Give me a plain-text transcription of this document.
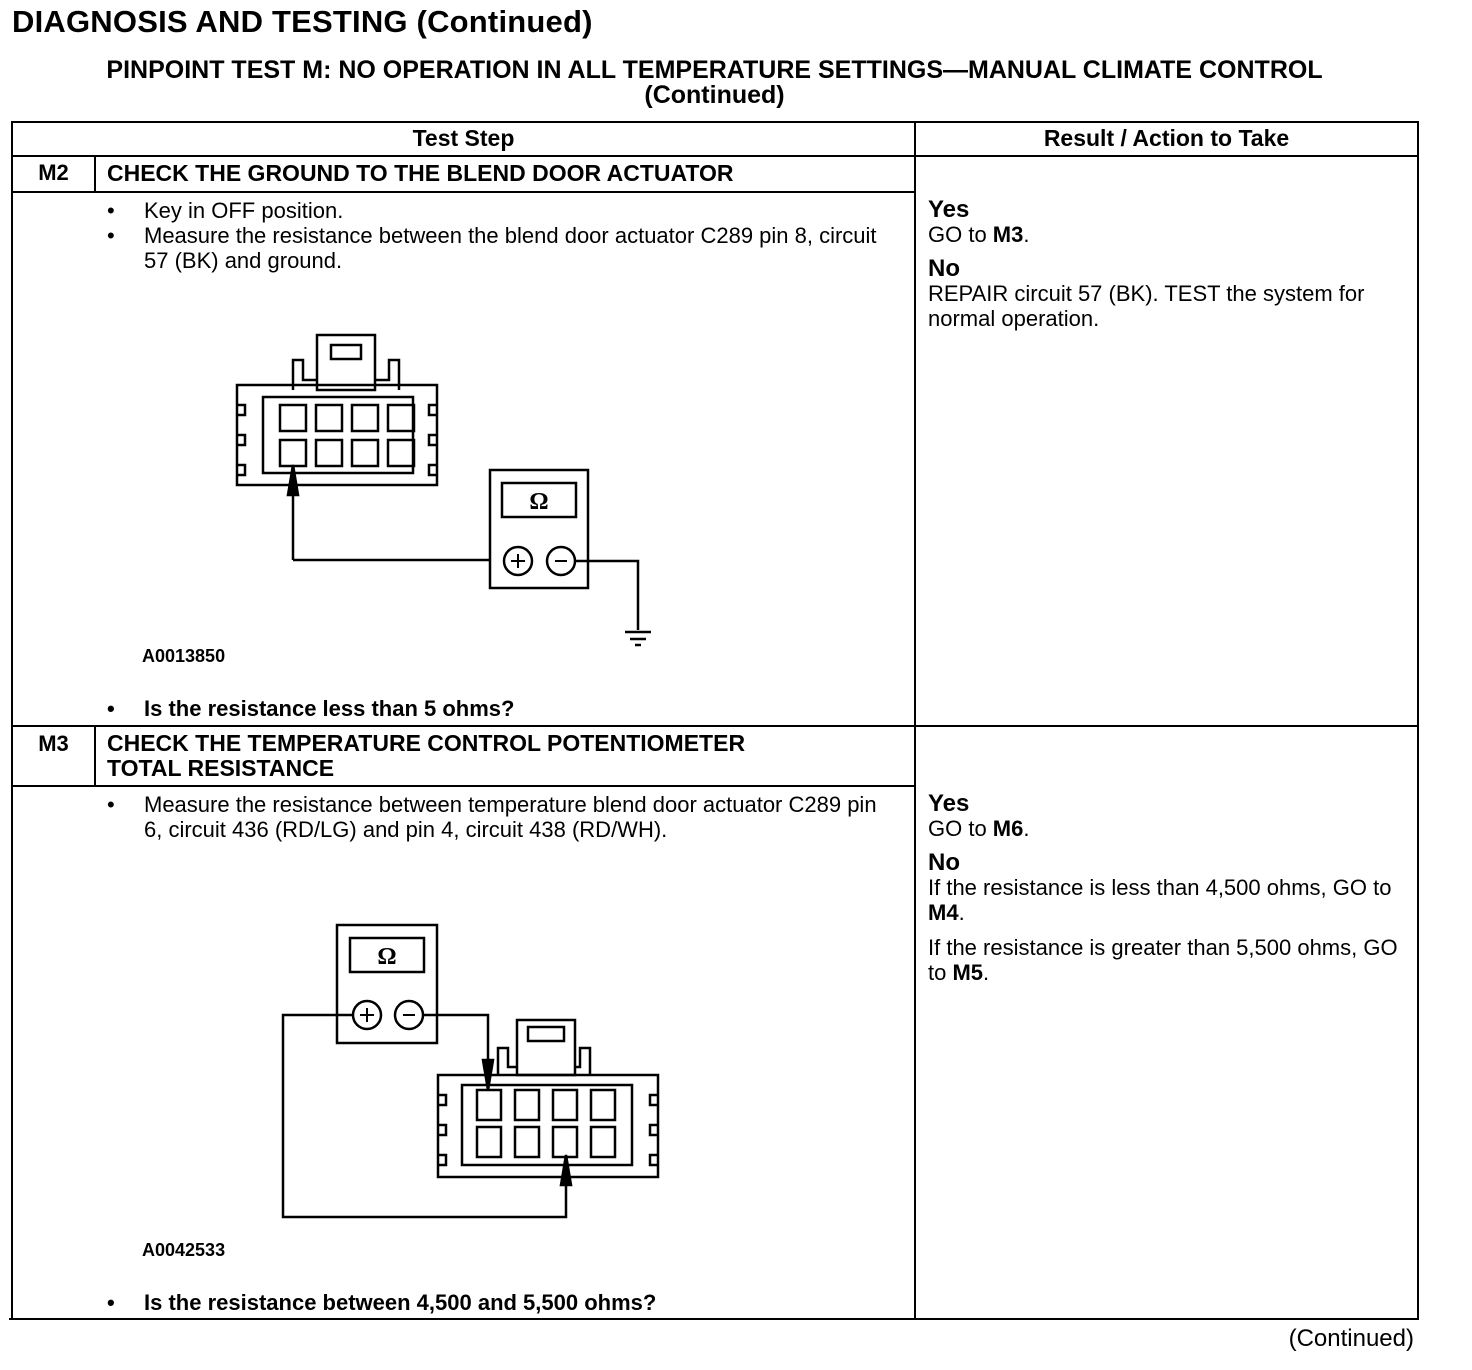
DIAGNOSIS AND TESTING (Continued)
PINPOINT TEST M: NO OPERATION IN ALL TEMPERATURE SETTINGS—MANUAL CLIMATE CONTROL
(Continued)
Test Step	Result / Action to Take
M2	CHECK THE GROUND TO THE BLEND DOOR ACTUATOR
•	Key in OFF position.
•	Measure the resistance between the blend door actuator C289 pin 8, circuit 57 (BK) and ground.
Ω
A0013850
• Is the resistance less than 5 ohms?
Yes
GO to M3.
No
REPAIR circuit 57 (BK). TEST the system for normal operation.
M3	CHECK THE TEMPERATURE CONTROL POTENTIOMETER
TOTAL RESISTANCE
•	Measure the resistance between temperature blend door actuator C289 pin 6, circuit 436 (RD/LG) and pin 4, circuit 438 (RD/WH).
Ω
A0042533
• Is the resistance between 4,500 and 5,500 ohms?
Yes
GO to M6.
No
If the resistance is less than 4,500 ohms, GO to M4.
If the resistance is greater than 5,500 ohms, GO to M5.
(Continued)
